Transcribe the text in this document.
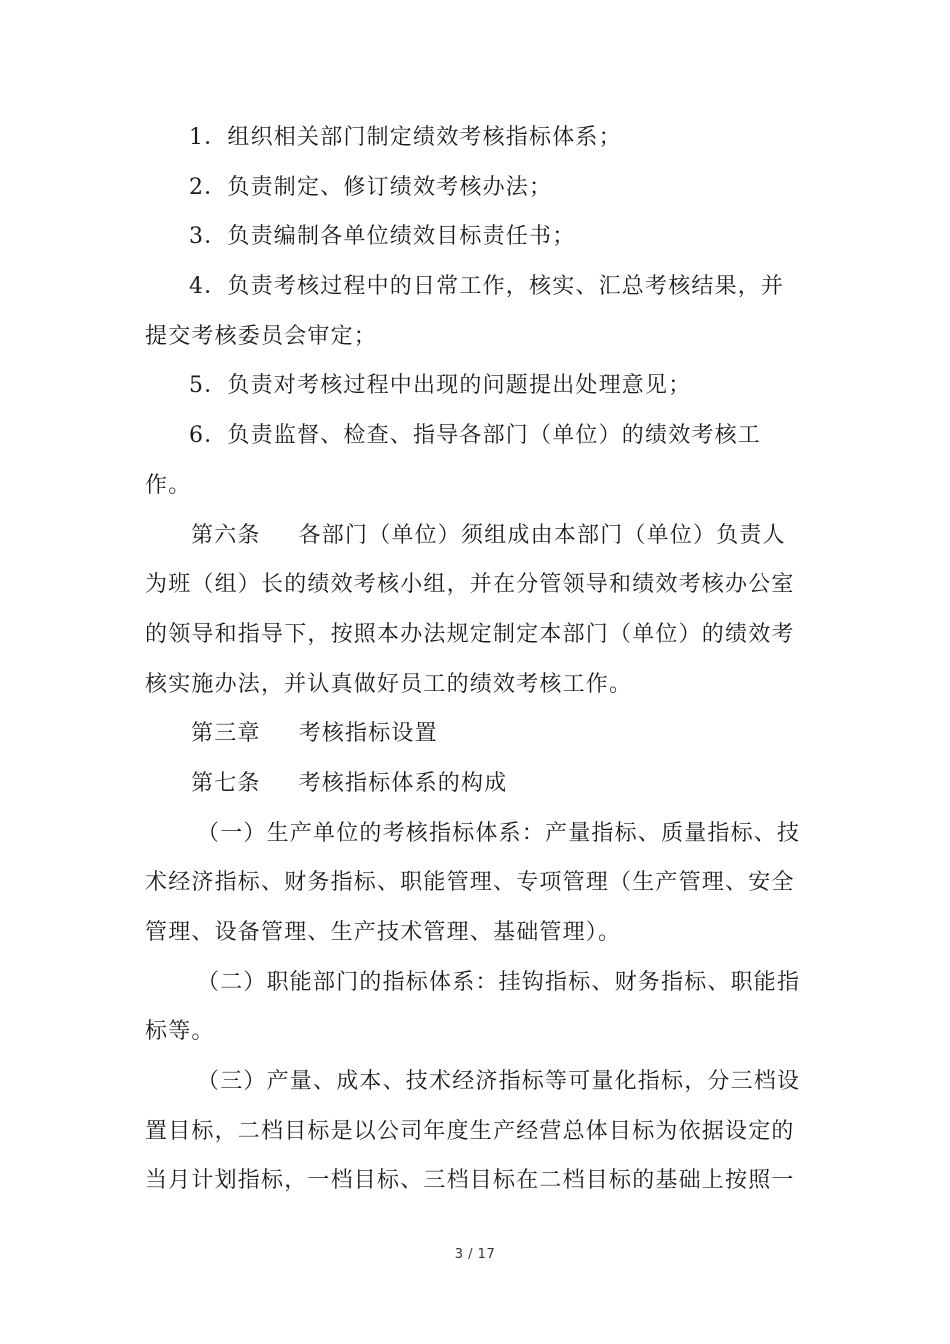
1．组织相关部门制定绩效考核指标体系；
2．负责制定、修订绩效考核办法；
3．负责编制各单位绩效目标责任书；
4．负责考核过程中的日常工作，核实、汇总考核结果，并
提交考核委员会审定；
5．负责对考核过程中出现的问题提出处理意见；
6．负责监督、检查、指导各部门（单位）的绩效考核工
作。
第六条 各部门（单位）须组成由本部门（单位）负责人
为班（组）长的绩效考核小组，并在分管领导和绩效考核办公室
的领导和指导下，按照本办法规定制定本部门（单位）的绩效考
核实施办法，并认真做好员工的绩效考核工作。
第三章 考核指标设置
第七条 考核指标体系的构成
（一）生产单位的考核指标体系：产量指标、质量指标、技
术经济指标、财务指标、职能管理、专项管理（生产管理、安全
管理、设备管理、生产技术管理、基础管理）。
（二）职能部门的指标体系：挂钩指标、财务指标、职能指
标等。
（三）产量、成本、技术经济指标等可量化指标，分三档设
置目标，二档目标是以公司年度生产经营总体目标为依据设定的
当月计划指标，一档目标、三档目标在二档目标的基础上按照一
3 / 17
